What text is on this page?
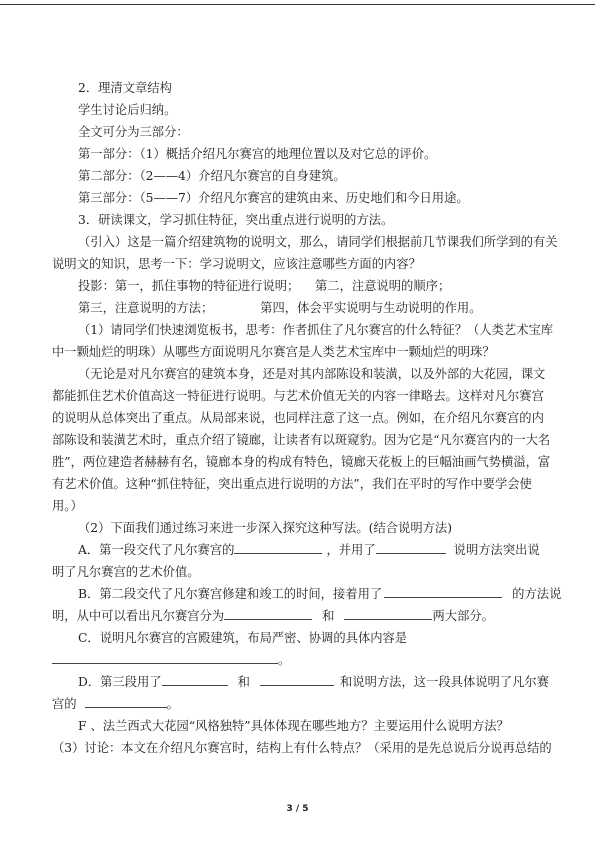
2．理清文章结构
学生讨论后归纳。
全文可分为三部分：
第一部分：（1）概括介绍凡尔赛宫的地理位置以及对它总的评价。
第二部分：（2——4）介绍凡尔赛宫的自身建筑。
第三部分：（5——7）介绍凡尔赛宫的建筑由来、历史地们和今日用途。
3．研读课文，学习抓住特征，突出重点进行说明的方法。
（引入）这是一篇介绍建筑物的说明文，那么，请同学们根据前几节课我们所学到的有关
说明文的知识，思考一下：学习说明文，应该注意哪些方面的内容？
投影：第一，抓住事物的特征进行说明；    第二，注意说明的顺序；
第三，注意说明的方法；            第四，体会平实说明与生动说明的作用。
（1）请同学们快速浏览板书，思考：作者抓住了凡尔赛宫的什么特征？（人类艺术宝库
中一颗灿烂的明珠）从哪些方面说明凡尔赛宫是人类艺术宝库中一颗灿烂的明珠？
（无论是对凡尔赛宫的建筑本身，还是对其内部陈设和装潢，以及外部的大花园，课文
都能抓住艺术价值高这一特征进行说明。与艺术价值无关的内容一律略去。这样对凡尔赛宫
的说明从总体突出了重点。从局部来说，也同样注意了这一点。例如，在介绍凡尔赛宫的内
部陈设和装潢艺术时，重点介绍了镜廊，让读者有以斑窥豹。因为它是“凡尔赛宫内的一大名
胜”，两位建造者赫赫有名，镜廊本身的构成有特色，镜廊天花板上的巨幅油画气势横溢，富
有艺术价值。这种“抓住特征，突出重点进行说明的方法”，我们在平时的写作中要学会使
用。）
（2）下面我们通过练习来进一步深入探究这种写法。(结合说明方法)
A．第一段交代了凡尔赛宫的	，并用了	说明方法突出说
明了凡尔赛宫的艺术价值。
B．第二段交代了凡尔赛宫修建和竣工的时间，接着用了	的方法说
明，从中可以看出凡尔赛宫分为	和	两大部分。
C．说明凡尔赛宫的宫殿建筑，布局严密、协调的具体内容是
。
D．第三段用了	和	和说明方法，这一段具体说明了凡尔赛
宫的	。
F 、法兰西式大花园“风格独特”具体体现在哪些地方？主要运用什么说明方法？
（3）讨论：本文在介绍凡尔赛宫时，结构上有什么特点？（采用的是先总说后分说再总结的
3 / 5
